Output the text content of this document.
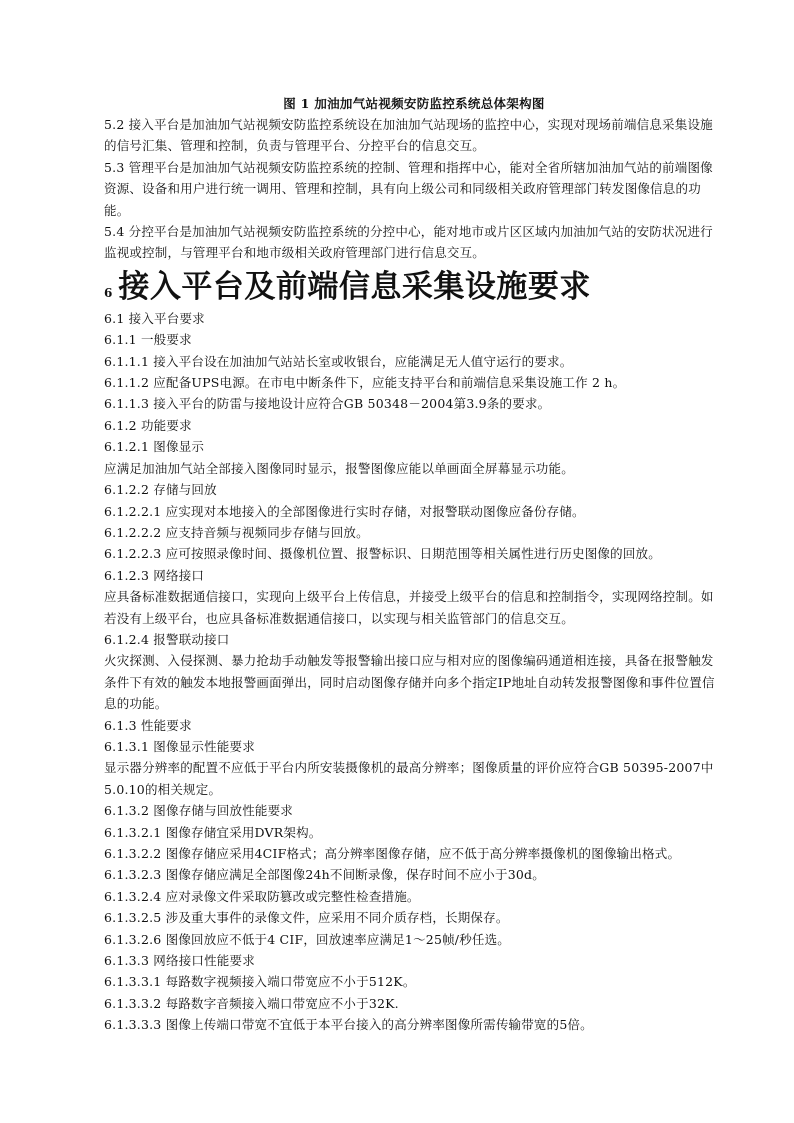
图 1 加油加气站视频安防监控系统总体架构图

5.2 接入平台是加油加气站视频安防监控系统设在加油加气站现场的监控中心，实现对现场前端信息采集设施的信号汇集、管理和控制，负责与管理平台、分控平台的信息交互。

5.3 管理平台是加油加气站视频安防监控系统的控制、管理和指挥中心，能对全省所辖加油加气站的前端图像资源、设备和用户进行统一调用、管理和控制，具有向上级公司和同级相关政府管理部门转发图像信息的功能。

5.4 分控平台是加油加气站视频安防监控系统的分控中心，能对地市或片区区域内加油加气站的安防状况进行监视或控制，与管理平台和地市级相关政府管理部门进行信息交互。

6 接入平台及前端信息采集设施要求

6.1 接入平台要求

6.1.1 一般要求

6.1.1.1 接入平台设在加油加气站站长室或收银台，应能满足无人值守运行的要求。

6.1.1.2 应配备UPS电源。在市电中断条件下，应能支持平台和前端信息采集设施工作 2 h。

6.1.1.3 接入平台的防雷与接地设计应符合GB 50348－2004第3.9条的要求。

6.1.2 功能要求

6.1.2.1 图像显示

应满足加油加气站全部接入图像同时显示，报警图像应能以单画面全屏幕显示功能。

6.1.2.2 存储与回放

6.1.2.2.1 应实现对本地接入的全部图像进行实时存储，对报警联动图像应备份存储。

6.1.2.2.2 应支持音频与视频同步存储与回放。

6.1.2.2.3 应可按照录像时间、摄像机位置、报警标识、日期范围等相关属性进行历史图像的回放。

6.1.2.3 网络接口

应具备标准数据通信接口，实现向上级平台上传信息，并接受上级平台的信息和控制指令，实现网络控制。如若没有上级平台，也应具备标准数据通信接口，以实现与相关监管部门的信息交互。

6.1.2.4 报警联动接口

火灾探测、入侵探测、暴力抢劫手动触发等报警输出接口应与相对应的图像编码通道相连接，具备在报警触发条件下有效的触发本地报警画面弹出，同时启动图像存储并向多个指定IP地址自动转发报警图像和事件位置信息的功能。

6.1.3 性能要求

6.1.3.1 图像显示性能要求

显示器分辨率的配置不应低于平台内所安装摄像机的最高分辨率；图像质量的评价应符合GB 50395-2007中5.0.10的相关规定。

6.1.3.2 图像存储与回放性能要求

6.1.3.2.1 图像存储宜采用DVR架构。

6.1.3.2.2 图像存储应采用4CIF格式；高分辨率图像存储，应不低于高分辨率摄像机的图像输出格式。

6.1.3.2.3 图像存储应满足全部图像24h不间断录像，保存时间不应小于30d。

6.1.3.2.4 应对录像文件采取防篡改或完整性检查措施。

6.1.3.2.5 涉及重大事件的录像文件，应采用不同介质存档，长期保存。

6.1.3.2.6 图像回放应不低于4 CIF，回放速率应满足1～25帧/秒任选。

6.1.3.3 网络接口性能要求

6.1.3.3.1 每路数字视频接入端口带宽应不小于512K。

6.1.3.3.2 每路数字音频接入端口带宽应不小于32K.

6.1.3.3.3 图像上传端口带宽不宜低于本平台接入的高分辨率图像所需传输带宽的5倍。
